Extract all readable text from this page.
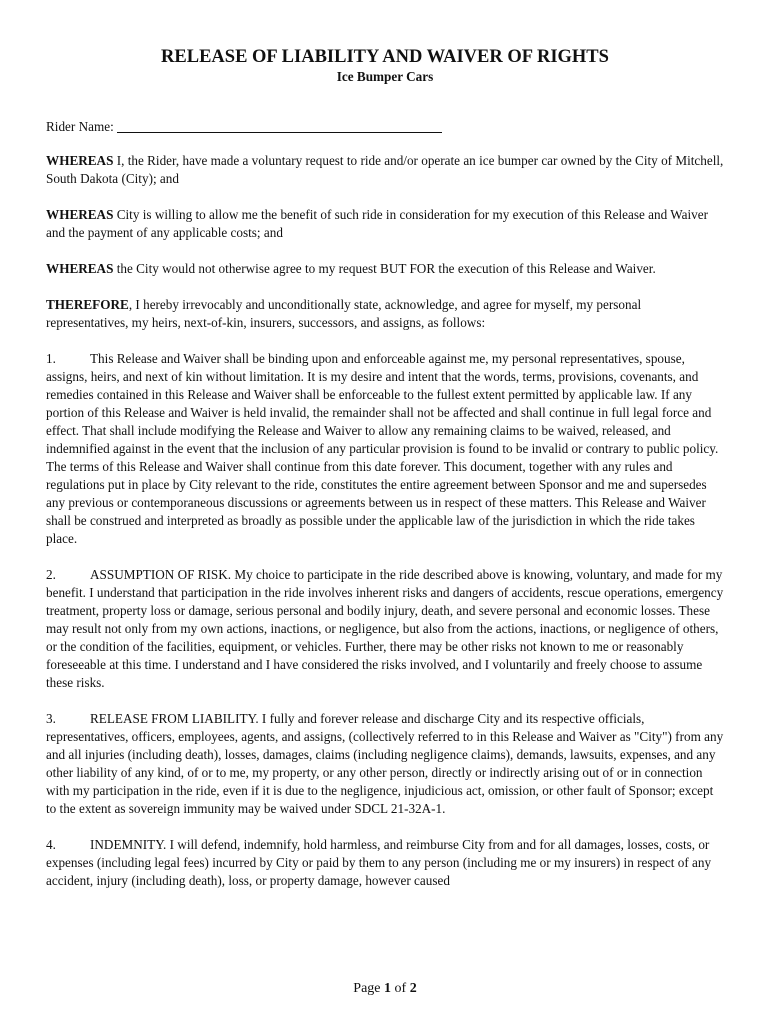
RELEASE OF LIABILITY AND WAIVER OF RIGHTS
Ice Bumper Cars

Rider Name:

WHEREAS I, the Rider, have made a voluntary request to ride and/or operate an ice bumper car owned by the City of Mitchell, South Dakota (City); and

WHEREAS City is willing to allow me the benefit of such ride in consideration for my execution of this Release and Waiver and the payment of any applicable costs; and

WHEREAS the City would not otherwise agree to my request BUT FOR the execution of this Release and Waiver.

THEREFORE, I hereby irrevocably and unconditionally state, acknowledge, and agree for myself, my personal representatives, my heirs, next-of-kin, insurers, successors, and assigns, as follows:

1.	This Release and Waiver shall be binding upon and enforceable against me, my personal representatives, spouse, assigns, heirs, and next of kin without limitation. It is my desire and intent that the words, terms, provisions, covenants, and remedies contained in this Release and Waiver shall be enforceable to the fullest extent permitted by applicable law. If any portion of this Release and Waiver is held invalid, the remainder shall not be affected and shall continue in full legal force and effect. That shall include modifying the Release and Waiver to allow any remaining claims to be waived, released, and indemnified against in the event that the inclusion of any particular provision is found to be invalid or contrary to public policy. The terms of this Release and Waiver shall continue from this date forever. This document, together with any rules and regulations put in place by City relevant to the ride, constitutes the entire agreement between Sponsor and me and supersedes any previous or contemporaneous discussions or agreements between us in respect of these matters. This Release and Waiver shall be construed and interpreted as broadly as possible under the applicable law of the jurisdiction in which the ride takes place.

2.	ASSUMPTION OF RISK. My choice to participate in the ride described above is knowing, voluntary, and made for my benefit. I understand that participation in the ride involves inherent risks and dangers of accidents, rescue operations, emergency treatment, property loss or damage, serious personal and bodily injury, death, and severe personal and economic losses. These may result not only from my own actions, inactions, or negligence, but also from the actions, inactions, or negligence of others, or the condition of the facilities, equipment, or vehicles. Further, there may be other risks not known to me or reasonably foreseeable at this time. I understand and I have considered the risks involved, and I voluntarily and freely choose to assume these risks.

3.	RELEASE FROM LIABILITY. I fully and forever release and discharge City and its respective officials, representatives, officers, employees, agents, and assigns, (collectively referred to in this Release and Waiver as "City") from any and all injuries (including death), losses, damages, claims (including negligence claims), demands, lawsuits, expenses, and any other liability of any kind, of or to me, my property, or any other person, directly or indirectly arising out of or in connection with my participation in the ride, even if it is due to the negligence, injudicious act, omission, or other fault of Sponsor; except to the extent as sovereign immunity may be waived under SDCL 21-32A-1.

4.	INDEMNITY. I will defend, indemnify, hold harmless, and reimburse City from and for all damages, losses, costs, or expenses (including legal fees) incurred by City or paid by them to any person (including me or my insurers) in respect of any accident, injury (including death), loss, or property damage, however caused

Page 1 of 2
